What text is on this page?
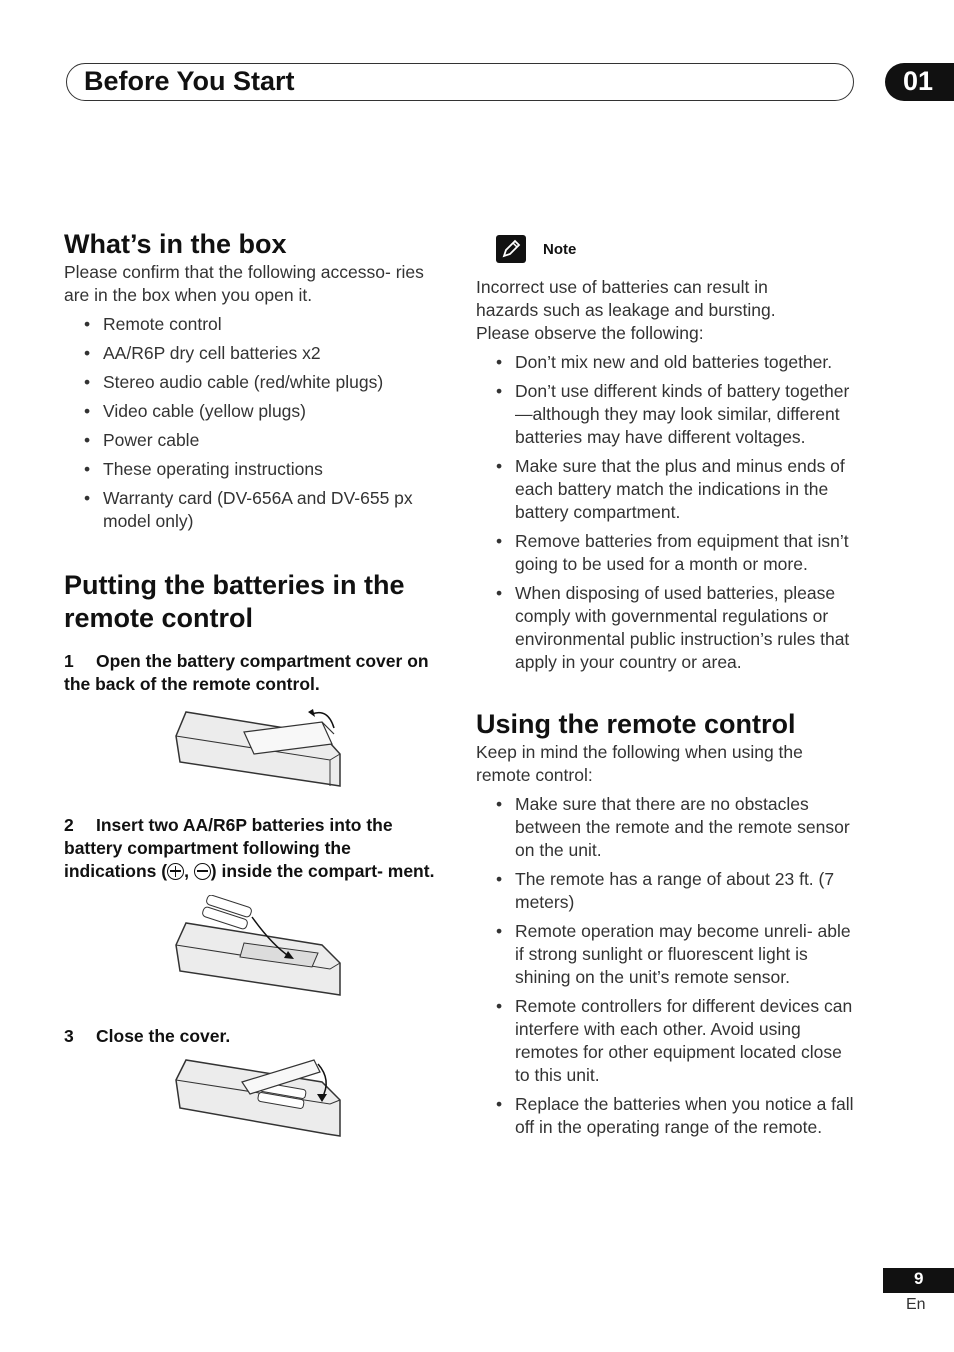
Before You Start	01
What’s in the box

Please confirm that the following accesso- ries are in the box when you open it.

• Remote control
• AA/R6P dry cell batteries x2
• Stereo audio cable (red/white plugs)
• Video cable (yellow plugs)
• Power cable
• These operating instructions
• Warranty card (DV-656A and DV-655 px model only)
Putting the batteries in the
remote control

1 Open the battery compartment cover on the back of the remote control.

2 Insert two AA/R6P batteries into the battery compartment following the indications ( , ) inside the compart- ment.

3 Close the cover.

Note

Incorrect use of batteries can result in hazards such as leakage and bursting. Please observe the following:

• Don’t mix new and old batteries together.
• Don’t use different kinds of battery together—although they may look similar, different batteries may have different voltages.
• Make sure that the plus and minus ends of each battery match the indications in the battery compartment.
• Remove batteries from equipment that isn’t going to be used for a month or more.
• When disposing of used batteries, please comply with governmental regulations or environmental public instruction’s rules that apply in your country or area.
Using the remote control

Keep in mind the following when using the remote control:

• Make sure that there are no obstacles between the remote and the remote sensor on the unit.
• The remote has a range of about 23 ft. (7 meters)
• Remote operation may become unreli- able if strong sunlight or fluorescent light is shining on the unit’s remote sensor.
• Remote controllers for different devices can interfere with each other. Avoid using remotes for other equipment located close to this unit.
• Replace the batteries when you notice a fall off in the operating range of the remote.
9
En
